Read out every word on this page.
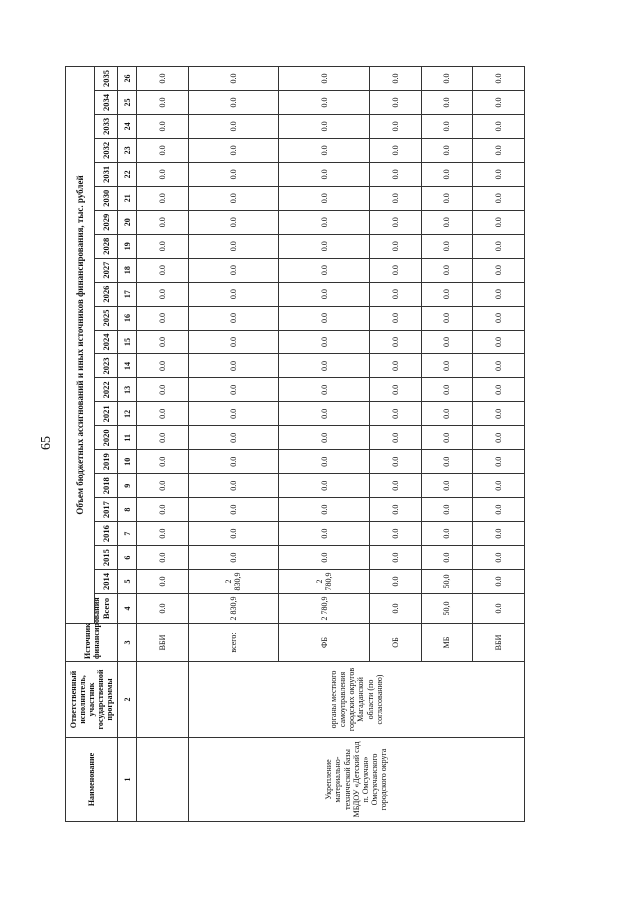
65
Наименование	Ответственный исполнитель, участник государственной программы	Источник финансирования	Объем бюджетных ассигнований и иных источников финансирования, тыс. рублей																						
			Всего	2014	2015	2016	2017	2018	2019	2020	2021	2022	2023	2024	2025	2026	2027	2028	2029	2030	2031	2032	2033	2034	2035
1	2	3	4	5	6	7	8	9	10	11	12	13	14	15	16	17	18	19	20	21	22	23	24	25	26
		ВБИ	0.0	0.0	0.0	0.0	0.0	0.0	0.0	0.0	0.0	0.0	0.0	0.0	0.0	0.0	0.0	0.0	0.0	0.0	0.0	0.0	0.0	0.0	0.0
Укрепление материально-технической базы МБДОУ «Детский сад п. Омсукчан» Омсукчанского городского округа	органы местного самоуправления городских округов Магаданской области (по согласованию)	всего:	2 830,9	2 830,9	0.0	0.0	0.0	0.0	0.0	0.0	0.0	0.0	0.0	0.0	0.0	0.0	0.0	0.0	0.0	0.0	0.0	0.0	0.0	0.0	0.0
		ФБ	2 780,9	2 780,9	0.0	0.0	0.0	0.0	0.0	0.0	0.0	0.0	0.0	0.0	0.0	0.0	0.0	0.0	0.0	0.0	0.0	0.0	0.0	0.0	0.0
		ОБ	0.0	0.0	0.0	0.0	0.0	0.0	0.0	0.0	0.0	0.0	0.0	0.0	0.0	0.0	0.0	0.0	0.0	0.0	0.0	0.0	0.0	0.0	0.0
		МБ	50,0	50,0	0.0	0.0	0.0	0.0	0.0	0.0	0.0	0.0	0.0	0.0	0.0	0.0	0.0	0.0	0.0	0.0	0.0	0.0	0.0	0.0	0.0
		ВБИ	0.0	0.0	0.0	0.0	0.0	0.0	0.0	0.0	0.0	0.0	0.0	0.0	0.0	0.0	0.0	0.0	0.0	0.0	0.0	0.0	0.0	0.0	0.0
